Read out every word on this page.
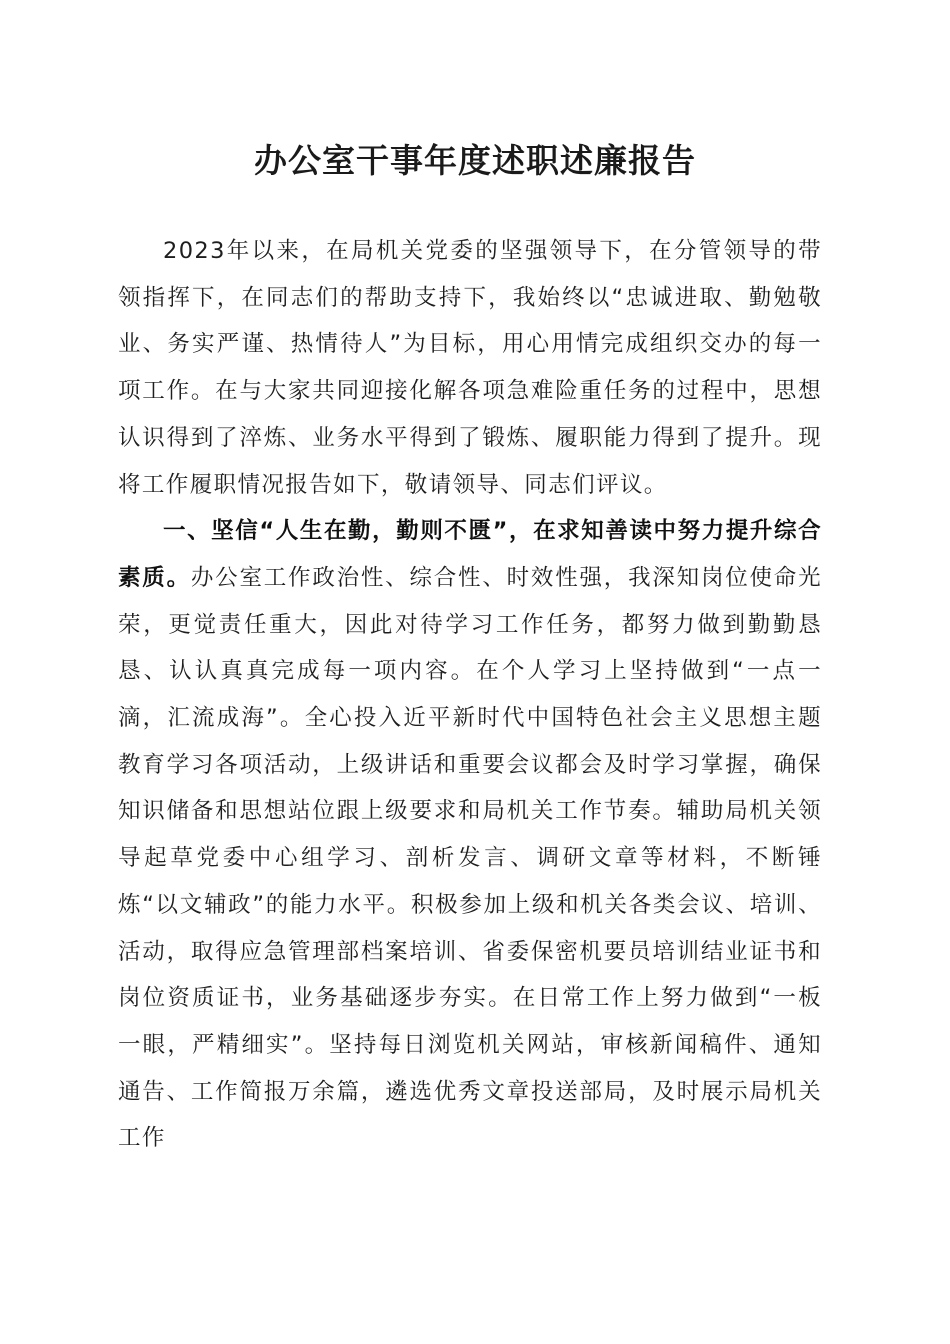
办公室干事年度述职述廉报告

2023年以来，在局机关党委的坚强领导下，在分管领导的带领指挥下，在同志们的帮助支持下，我始终以“忠诚进取、勤勉敬业、务实严谨、热情待人”为目标，用心用情完成组织交办的每一项工作。在与大家共同迎接化解各项急难险重任务的过程中，思想认识得到了淬炼、业务水平得到了锻炼、履职能力得到了提升。现将工作履职情况报告如下，敬请领导、同志们评议。

一、坚信“人生在勤，勤则不匮”，在求知善读中努力提升综合素质。办公室工作政治性、综合性、时效性强，我深知岗位使命光荣，更觉责任重大，因此对待学习工作任务，都努力做到勤勤恳恳、认认真真完成每一项内容。在个人学习上坚持做到“一点一滴，汇流成海”。全心投入近平新时代中国特色社会主义思想主题教育学习各项活动，上级讲话和重要会议都会及时学习掌握，确保知识储备和思想站位跟上级要求和局机关工作节奏。辅助局机关领导起草党委中心组学习、剖析发言、调研文章等材料，不断锤炼“以文辅政”的能力水平。积极参加上级和机关各类会议、培训、活动，取得应急管理部档案培训、省委保密机要员培训结业证书和岗位资质证书，业务基础逐步夯实。在日常工作上努力做到“一板一眼，严精细实”。坚持每日浏览机关网站，审核新闻稿件、通知通告、工作简报万余篇，遴选优秀文章投送部局，及时展示局机关工作
